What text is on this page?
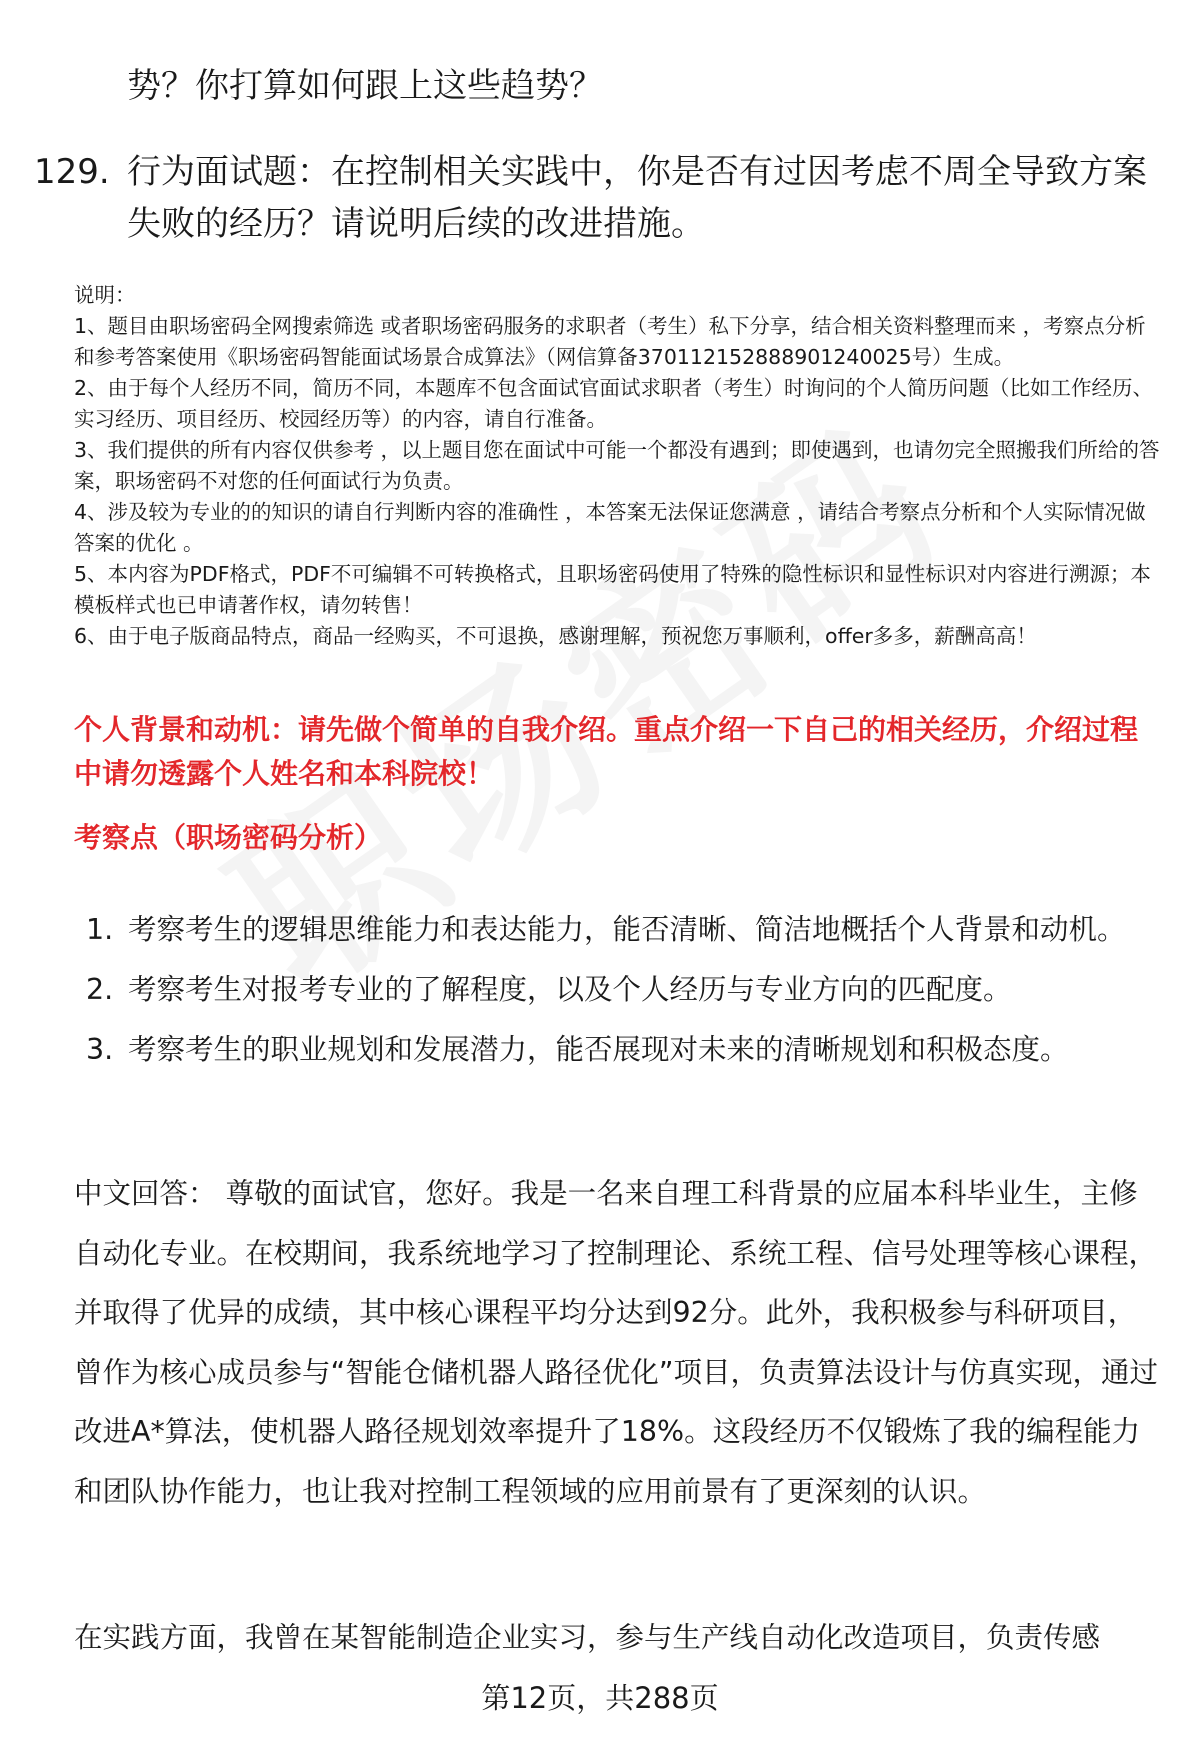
势？你打算如何跟上这些趋势？
129. 行为面试题：在控制相关实践中，你是否有过因考虑不周全导致方案失败的经历？请说明后续的改进措施。
说明：
1、题目由职场密码全网搜索筛选 或者职场密码服务的求职者（考生）私下分享，结合相关资料整理而来 ，考察点分析和参考答案使用《职场密码智能面试场景合成算法》（网信算备370112152888901240025号）生成。
2、由于每个人经历不同，简历不同，本题库不包含面试官面试求职者（考生）时询问的个人简历问题（比如工作经历、实习经历、项目经历、校园经历等）的内容，请自行准备。
3、我们提供的所有内容仅供参考 ，以上题目您在面试中可能一个都没有遇到；即使遇到，也请勿完全照搬我们所给的答案，职场密码不对您的任何面试行为负责。
4、涉及较为专业的的知识的请自行判断内容的准确性 ，本答案无法保证您满意 ，请结合考察点分析和个人实际情况做答案的优化 。
5、本内容为PDF格式，PDF不可编辑不可转换格式，且职场密码使用了特殊的隐性标识和显性标识对内容进行溯源；本模板样式也已申请著作权，请勿转售！
6、由于电子版商品特点，商品一经购买，不可退换，感谢理解，预祝您万事顺利，offer多多，薪酬高高！
个人背景和动机：请先做个简单的自我介绍。重点介绍一下自己的相关经历，介绍过程中请勿透露个人姓名和本科院校！
考察点（职场密码分析）
1. 考察考生的逻辑思维能力和表达能力，能否清晰、简洁地概括个人背景和动机。
2. 考察考生对报考专业的了解程度，以及个人经历与专业方向的匹配度。
3. 考察考生的职业规划和发展潜力，能否展现对未来的清晰规划和积极态度。
中文回答： 尊敬的面试官，您好。我是一名来自理工科背景的应届本科毕业生，主修自动化专业。在校期间，我系统地学习了控制理论、系统工程、信号处理等核心课程，并取得了优异的成绩，其中核心课程平均分达到92分。此外，我积极参与科研项目，曾作为核心成员参与“智能仓储机器人路径优化”项目，负责算法设计与仿真实现，通过改进A*算法，使机器人路径规划效率提升了18%。这段经历不仅锻炼了我的编程能力和团队协作能力，也让我对控制工程领域的应用前景有了更深刻的认识。
在实践方面，我曾在某智能制造企业实习，参与生产线自动化改造项目，负责传感
第12页，共288页
